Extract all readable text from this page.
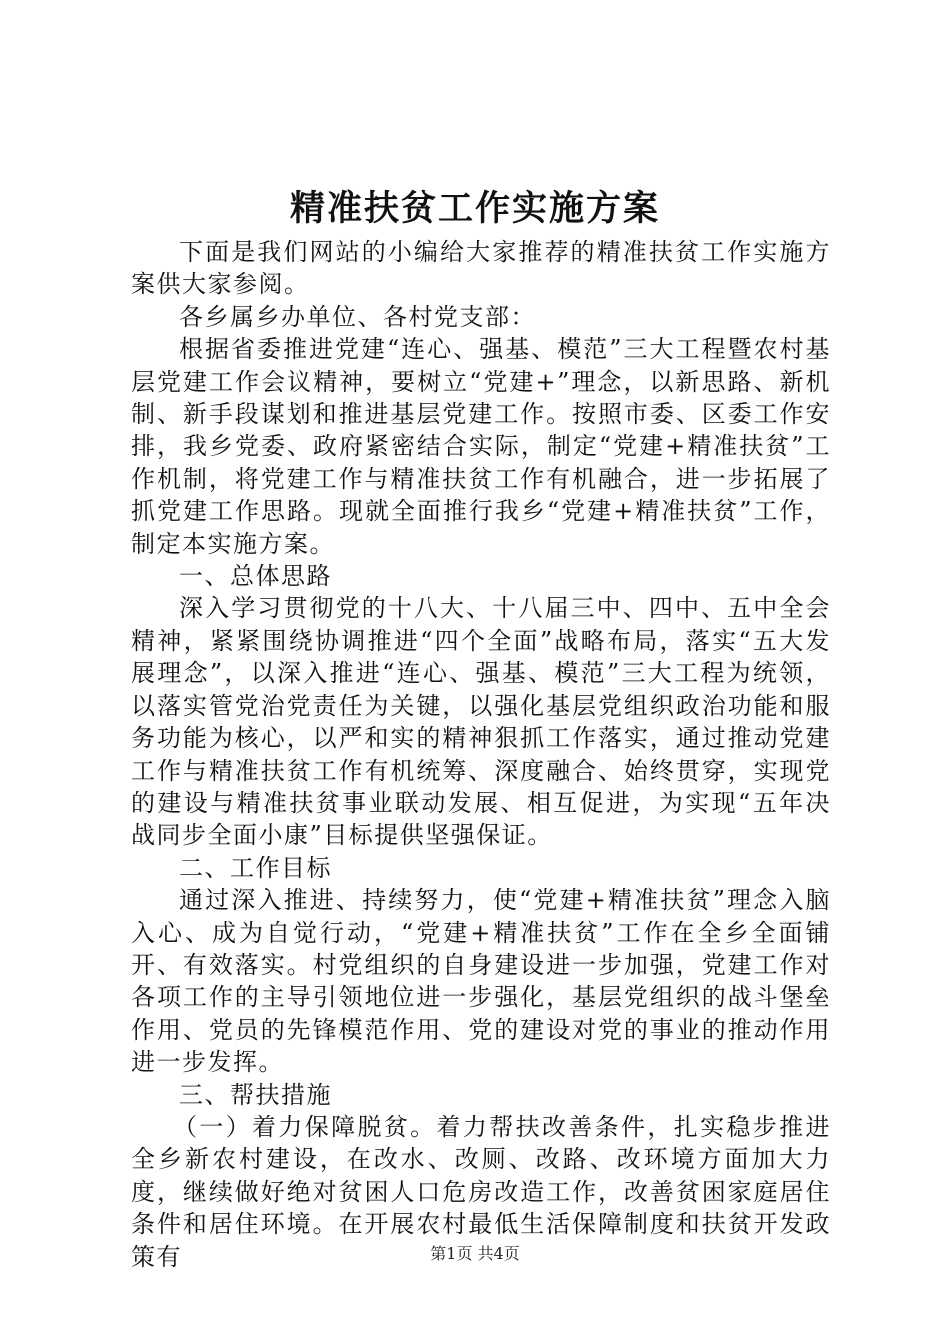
精准扶贫工作实施方案

下面是我们网站的小编给大家推荐的精准扶贫工作实施方案供大家参阅。

各乡属乡办单位、各村党支部：

根据省委推进党建“连心、强基、模范”三大工程暨农村基层党建工作会议精神，要树立“党建+”理念，以新思路、新机制、新手段谋划和推进基层党建工作。按照市委、区委工作安排，我乡党委、政府紧密结合实际，制定“党建+精准扶贫”工作机制，将党建工作与精准扶贫工作有机融合，进一步拓展了抓党建工作思路。现就全面推行我乡“党建+精准扶贫”工作，制定本实施方案。

一、总体思路

深入学习贯彻党的十八大、十八届三中、四中、五中全会精神，紧紧围绕协调推进“四个全面”战略布局，落实“五大发展理念”，以深入推进“连心、强基、模范”三大工程为统领，以落实管党治党责任为关键，以强化基层党组织政治功能和服务功能为核心，以严和实的精神狠抓工作落实，通过推动党建工作与精准扶贫工作有机统筹、深度融合、始终贯穿，实现党的建设与精准扶贫事业联动发展、相互促进，为实现“五年决战同步全面小康”目标提供坚强保证。

二、工作目标

通过深入推进、持续努力，使“党建+精准扶贫”理念入脑入心、成为自觉行动，“党建+精准扶贫”工作在全乡全面铺开、有效落实。村党组织的自身建设进一步加强，党建工作对各项工作的主导引领地位进一步强化，基层党组织的战斗堡垒作用、党员的先锋模范作用、党的建设对党的事业的推动作用进一步发挥。

三、帮扶措施

（一）着力保障脱贫。着力帮扶改善条件，扎实稳步推进全乡新农村建设，在改水、改厕、改路、改环境方面加大力度，继续做好绝对贫困人口危房改造工作，改善贫困家庭居住条件和居住环境。在开展农村最低生活保障制度和扶贫开发政策有	第1页 共4页
